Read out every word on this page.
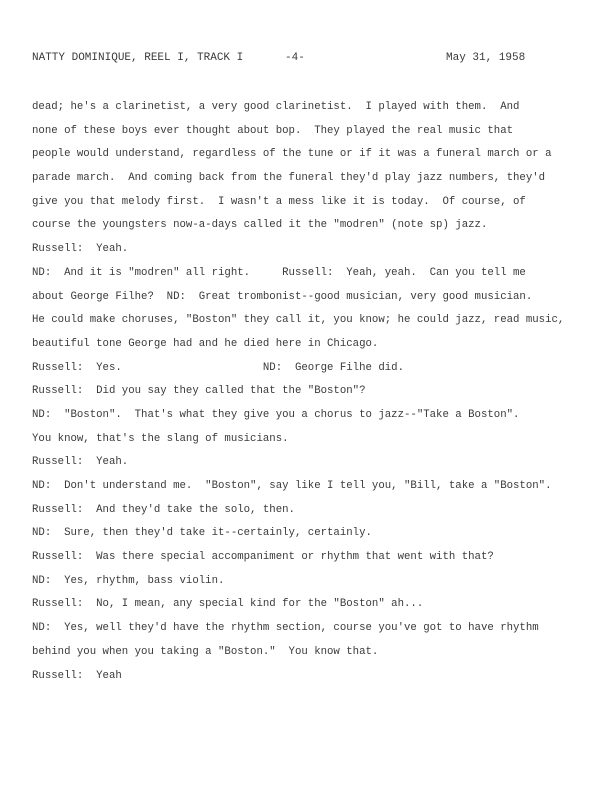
NATTY DOMINIQUE, REEL I, TRACK I	-4-	May 31, 1958
dead; he's a clarinetist, a very good clarinetist.  I played with them.  And
none of these boys ever thought about bop.  They played the real music that
people would understand, regardless of the tune or if it was a funeral march or a
parade march.  And coming back from the funeral they'd play jazz numbers, they'd
give you that melody first.  I wasn't a mess like it is today.  Of course, of
course the youngsters now-a-days called it the "modren" (note sp) jazz.
Russell:  Yeah.
ND:  And it is "modren" all right.     Russell:  Yeah, yeah.  Can you tell me
about George Filhe?  ND:  Great trombonist--good musician, very good musician.
He could make choruses, "Boston" they call it, you know; he could jazz, read music,
beautiful tone George had and he died here in Chicago.
Russell:  Yes.                      ND:  George Filhe did.
Russell:  Did you say they called that the "Boston"?
ND:  "Boston".  That's what they give you a chorus to jazz--"Take a Boston".
You know, that's the slang of musicians.
Russell:  Yeah.
ND:  Don't understand me.  "Boston", say like I tell you, "Bill, take a "Boston".
Russell:  And they'd take the solo, then.
ND:  Sure, then they'd take it--certainly, certainly.
Russell:  Was there special accompaniment or rhythm that went with that?
ND:  Yes, rhythm, bass violin.
Russell:  No, I mean, any special kind for the "Boston" ah...
ND:  Yes, well they'd have the rhythm section, course you've got to have rhythm
behind you when you taking a "Boston."  You know that.
Russell:  Yeah
